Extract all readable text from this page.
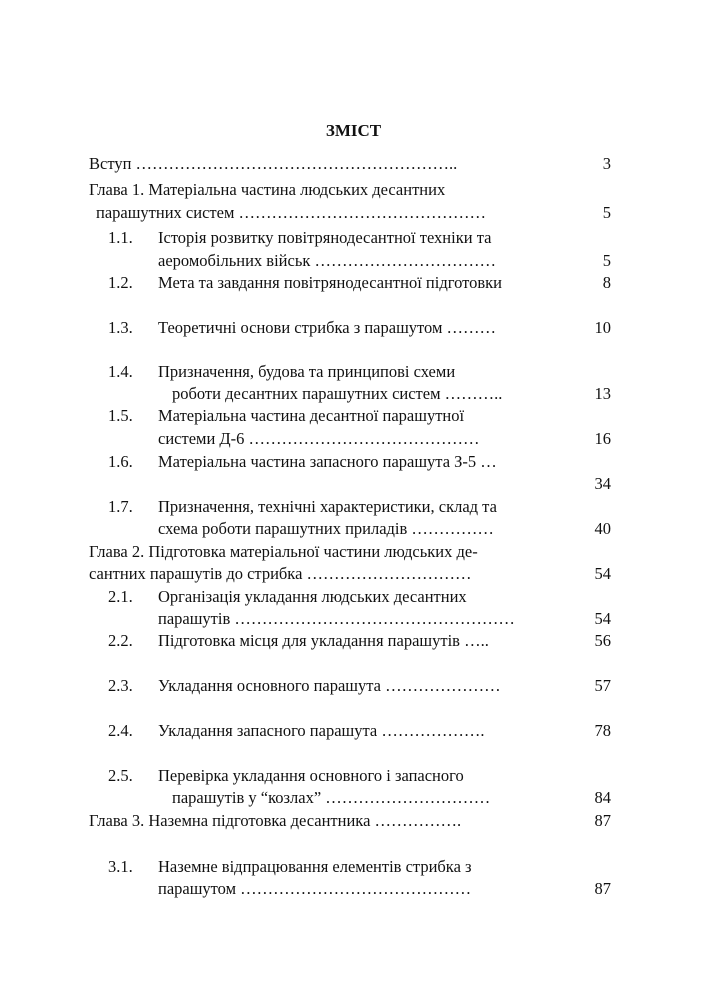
ЗМІСТ
Вступ …………………………………………………..	3
Глава 1. Матеріальна частина людських десантних
парашутних систем ………………………………………	5
1.1. Історія розвитку повітрянодесантної техніки та
аеромобільних військ ……………………………	5
1.2. Мета та завдання повітрянодесантної підготовки	8
1.3. Теоретичні основи стрибка з парашутом ………	10
1.4. Призначення, будова та принципові схеми
роботи десантних парашутних систем ………..	13
1.5. Матеріальна частина десантної парашутної
системи Д-6 ……………………………………	16
1.6. Матеріальна частина запасного парашута З-5 …
34
1.7. Призначення, технічні характеристики, склад та
схема роботи парашутних приладів ……………	40
Глава 2. Підготовка матеріальної частини людських де-
сантних парашутів до стрибка …………………………	54
2.1. Організація укладання людських десантних
парашутів ……………………………………………	54
2.2. Підготовка місця для укладання парашутів …..	56
2.3. Укладання основного парашута …………………	57
2.4. Укладання запасного парашута ……………….	78
2.5. Перевірка укладання основного і запасного
парашутів у “козлах” …………………………	84
Глава 3. Наземна підготовка десантника …………….	87
3.1. Наземне відпрацювання елементів стрибка з
парашутом ……………………………………	87
